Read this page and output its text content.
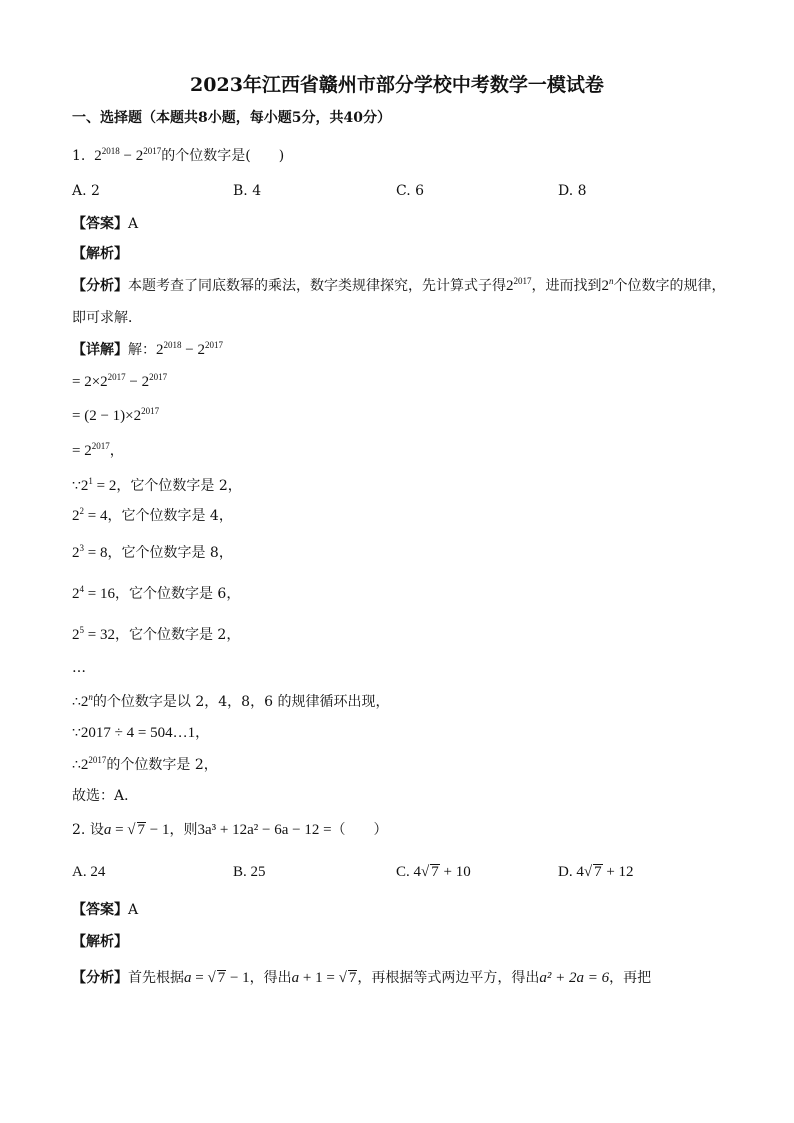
2023年江西省赣州市部分学校中考数学一模试卷
一、选择题（本题共8小题，每小题5分，共40分）
1. $2^{2018} - 2^{2017}$的个位数字是(　　)
A. 2	B. 4	C. 6	D. 8
【答案】A
【解析】
【分析】本题考查了同底数幂的乘法，数字类规律探究，先计算式子得$2^{2017}$，进而找到2$^n$个位数字的规律，
即可求解．
【详解】解：$2^{2018} - 2^{2017}$
= $2\times 2^{2017} - 2^{2017}$
= $(2 - 1)\times 2^{2017}$
= $2^{2017}$，
$\because 2^1 = 2$，它个位数字是 2，
$2^2 = 4$，它个位数字是 4，
$2^3 = 8$，它个位数字是 8，
$2^4 = 16$，它个位数字是 6，
$2^5 = 32$，它个位数字是 2，
…
∴2$^n$的个位数字是以 2，4，8，6 的规律循环出现，
∵2017 ÷ 4 = 504…1，
$\therefore 2^{2017}$的个位数字是 2，
故选：A．
2. 设a = √ 7 − 1，则3a³ + 12a² − 6a − 12 =（　　）
A. 24	B. 25	C. 4√ 7 + 10	D. 4√ 7 + 12
【答案】A
【解析】
【分析】首先根据a = √ 7 − 1，得出a + 1 = √ 7，再根据等式两边平方，得出a² + 2a = 6，再把
